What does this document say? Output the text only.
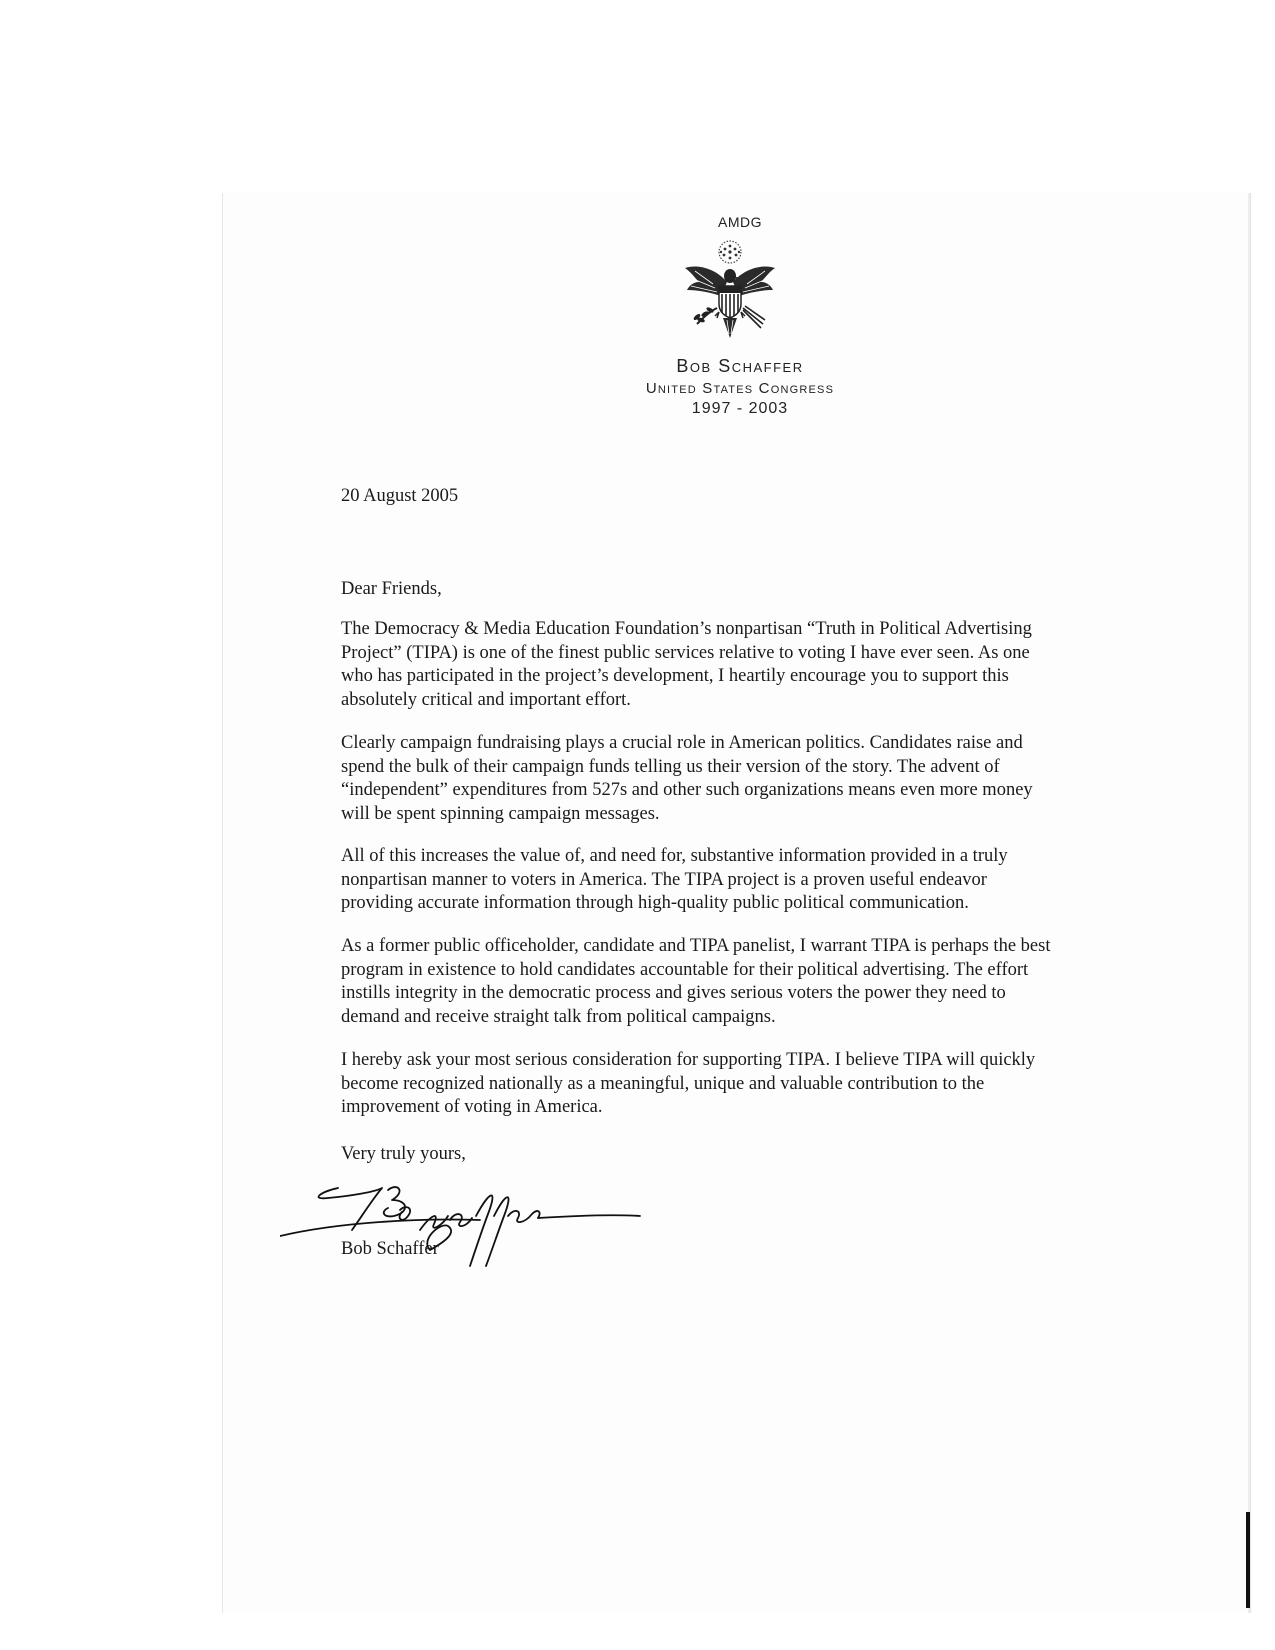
AMDG
Bob Schaffer
United States Congress
1997 - 2003
20 August 2005
Dear Friends,
The Democracy & Media Education Foundation’s nonpartisan “Truth in Political Advertising
Project” (TIPA) is one of the finest public services relative to voting I have ever seen. As one
who has participated in the project’s development, I heartily encourage you to support this
absolutely critical and important effort.
Clearly campaign fundraising plays a crucial role in American politics. Candidates raise and
spend the bulk of their campaign funds telling us their version of the story. The advent of
“independent” expenditures from 527s and other such organizations means even more money
will be spent spinning campaign messages.
All of this increases the value of, and need for, substantive information provided in a truly
nonpartisan manner to voters in America. The TIPA project is a proven useful endeavor
providing accurate information through high-quality public political communication.
As a former public officeholder, candidate and TIPA panelist, I warrant TIPA is perhaps the best
program in existence to hold candidates accountable for their political advertising. The effort
instills integrity in the democratic process and gives serious voters the power they need to
demand and receive straight talk from political campaigns.
I hereby ask your most serious consideration for supporting TIPA. I believe TIPA will quickly
become recognized nationally as a meaningful, unique and valuable contribution to the
improvement of voting in America.
Very truly yours,
Bob Schaffer
